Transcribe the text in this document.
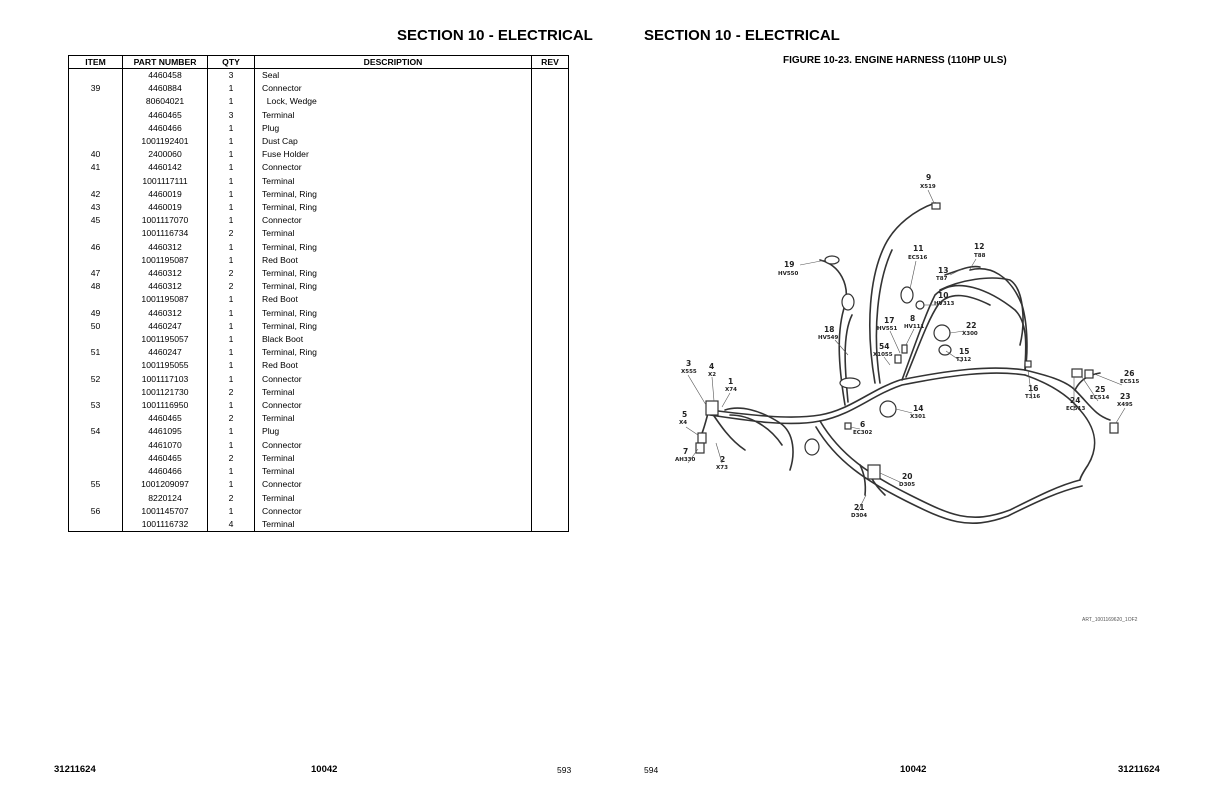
SECTION 10 - ELECTRICAL
ITEM	PART NUMBER	QTY	DESCRIPTION	REV
	4460458	3	Seal	
39	4460884	1	Connector	
	80604021	1	Lock, Wedge	
	4460465	3	Terminal	
	4460466	1	Plug	
	1001192401	1	Dust Cap	
40	2400060	1	Fuse Holder	
41	4460142	1	Connector	
	1001117111	1	Terminal	
42	4460019	1	Terminal, Ring	
43	4460019	1	Terminal, Ring	
45	1001117070	1	Connector	
	1001116734	2	Terminal	
46	4460312	1	Terminal, Ring	
	1001195087	1	Red Boot	
47	4460312	2	Terminal, Ring	
48	4460312	2	Terminal, Ring	
	1001195087	1	Red Boot	
49	4460312	1	Terminal, Ring	
50	4460247	1	Terminal, Ring	
	1001195057	1	Black Boot	
51	4460247	1	Terminal, Ring	
	1001195055	1	Red Boot	
52	1001117103	1	Connector	
	1001121730	2	Terminal	
53	1001116950	1	Connector	
	4460465	2	Terminal	
54	4461095	1	Plug	
	4461070	1	Connector	
	4460465	2	Terminal	
	4460466	1	Terminal	
55	1001209097	1	Connector	
	8220124	2	Terminal	
56	1001145707	1	Connector	
	1001116732	4	Terminal	
31211624	10042	593
SECTION 10 - ELECTRICAL
FIGURE 10-23. ENGINE HARNESS (110HP ULS)
9
X519
11
EC516
12
T88
13
T87
19
HV550
10
HV313
17
HV551
8
HV111	22
X300
18
HV549
54
X1055	15
T312
3
X555
4
X2
1
X74	16
T316
26
EC515
25
EC514
24
EC513
23
X495
14
X301
5
X4	6
EC302
7
AH330	2
X73
20
D305
21
D304
ART_1001169620_1OF2
594	10042	31211624
